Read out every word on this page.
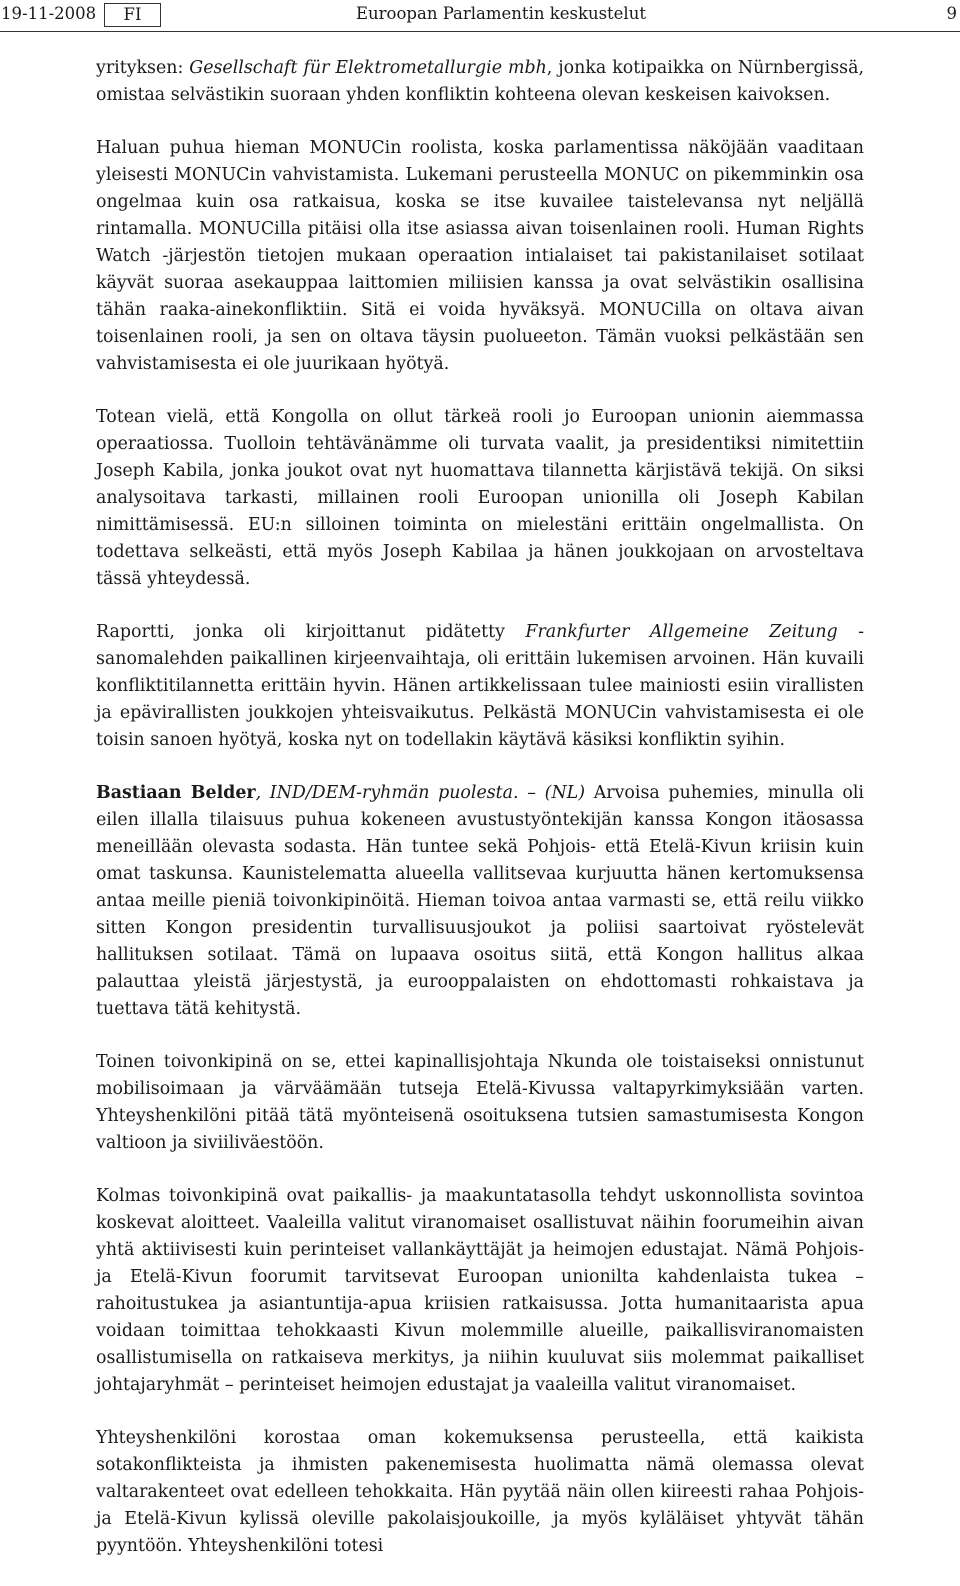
19-11-2008	FI	Euroopan Parlamentin keskustelut	9

yrityksen: Gesellschaft für Elektrometallurgie mbh, jonka kotipaikka on Nürnbergissä, omistaa selvästikin suoraan yhden konfliktin kohteena olevan keskeisen kaivoksen.

Haluan puhua hieman MONUCin roolista, koska parlamentissa näköjään vaaditaan yleisesti MONUCin vahvistamista. Lukemani perusteella MONUC on pikemminkin osa ongelmaa kuin osa ratkaisua, koska se itse kuvailee taistelevansa nyt neljällä rintamalla. MONUCilla pitäisi olla itse asiassa aivan toisenlainen rooli. Human Rights Watch -järjestön tietojen mukaan operaation intialaiset tai pakistanilaiset sotilaat käyvät suoraa asekauppaa laittomien miliisien kanssa ja ovat selvästikin osallisina tähän raaka-ainekonfliktiin. Sitä ei voida hyväksyä. MONUCilla on oltava aivan toisenlainen rooli, ja sen on oltava täysin puolueeton. Tämän vuoksi pelkästään sen vahvistamisesta ei ole juurikaan hyötyä.

Totean vielä, että Kongolla on ollut tärkeä rooli jo Euroopan unionin aiemmassa operaatiossa. Tuolloin tehtävänämme oli turvata vaalit, ja presidentiksi nimitettiin Joseph Kabila, jonka joukot ovat nyt huomattava tilannetta kärjistävä tekijä. On siksi analysoitava tarkasti, millainen rooli Euroopan unionilla oli Joseph Kabilan nimittämisessä. EU:n silloinen toiminta on mielestäni erittäin ongelmallista. On todettava selkeästi, että myös Joseph Kabilaa ja hänen joukkojaan on arvosteltava tässä yhteydessä.

Raportti, jonka oli kirjoittanut pidätetty Frankfurter Allgemeine Zeitung -sanomalehden paikallinen kirjeenvaihtaja, oli erittäin lukemisen arvoinen. Hän kuvaili konfliktitilannetta erittäin hyvin. Hänen artikkelissaan tulee mainiosti esiin virallisten ja epävirallisten joukkojen yhteisvaikutus. Pelkästä MONUCin vahvistamisesta ei ole toisin sanoen hyötyä, koska nyt on todellakin käytävä käsiksi konfliktin syihin.

Bastiaan Belder, IND/DEM-ryhmän puolesta. – (NL) Arvoisa puhemies, minulla oli eilen illalla tilaisuus puhua kokeneen avustustyöntekijän kanssa Kongon itäosassa meneillään olevasta sodasta. Hän tuntee sekä Pohjois- että Etelä-Kivun kriisin kuin omat taskunsa. Kaunistelematta alueella vallitsevaa kurjuutta hänen kertomuksensa antaa meille pieniä toivonkipinöitä. Hieman toivoa antaa varmasti se, että reilu viikko sitten Kongon presidentin turvallisuusjoukot ja poliisi saartoivat ryöstelevät hallituksen sotilaat. Tämä on lupaava osoitus siitä, että Kongon hallitus alkaa palauttaa yleistä järjestystä, ja eurooppalaisten on ehdottomasti rohkaistava ja tuettava tätä kehitystä.

Toinen toivonkipinä on se, ettei kapinallisjohtaja Nkunda ole toistaiseksi onnistunut mobilisoimaan ja värväämään tutseja Etelä-Kivussa valtapyrkimyksiään varten. Yhteyshenkilöni pitää tätä myönteisenä osoituksena tutsien samastumisesta Kongon valtioon ja siviiliväestöön.

Kolmas toivonkipinä ovat paikallis- ja maakuntatasolla tehdyt uskonnollista sovintoa koskevat aloitteet. Vaaleilla valitut viranomaiset osallistuvat näihin foorumeihin aivan yhtä aktiivisesti kuin perinteiset vallankäyttäjät ja heimojen edustajat. Nämä Pohjois- ja Etelä-Kivun foorumit tarvitsevat Euroopan unionilta kahdenlaista tukea – rahoitustukea ja asiantuntija-apua kriisien ratkaisussa. Jotta humanitaarista apua voidaan toimittaa tehokkaasti Kivun molemmille alueille, paikallisviranomaisten osallistumisella on ratkaiseva merkitys, ja niihin kuuluvat siis molemmat paikalliset johtajaryhmät – perinteiset heimojen edustajat ja vaaleilla valitut viranomaiset.

Yhteyshenkilöni korostaa oman kokemuksensa perusteella, että kaikista sotakonflikteista ja ihmisten pakenemisesta huolimatta nämä olemassa olevat valtarakenteet ovat edelleen tehokkaita. Hän pyytää näin ollen kiireesti rahaa Pohjois- ja Etelä-Kivun kylissä oleville pakolaisjoukoille, ja myös kyläläiset yhtyvät tähän pyyntöön. Yhteyshenkilöni totesi
